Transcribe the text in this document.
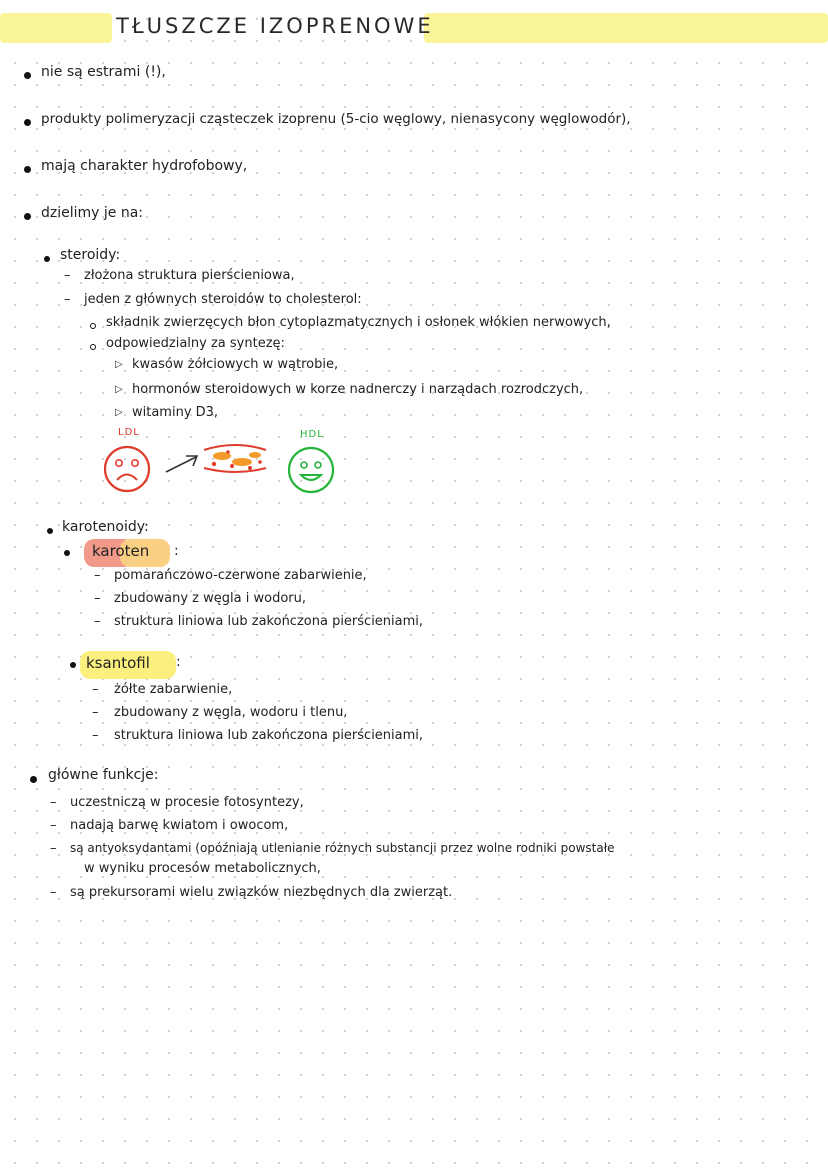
TŁUSZCZE IZOPRENOWE
nie są estrami (!),
produkty polimeryzacji cząsteczek izoprenu (5-cio węglowy, nienasycony węglowodór),
mają charakter hydrofobowy,
dzielimy je na:
steroidy:
– złożona struktura pierścieniowa,
– jeden z głównych steroidów to cholesterol:
składnik zwierzęcych błon cytoplazmatycznych i osłonek włókien nerwowych,
odpowiedzialny za syntezę:
▷ kwasów żółciowych w wątrobie,
▷ hormonów steroidowych w korze nadnerczy i narządach rozrodczych,
▷ witaminy D3,
LDL	HDL
karotenoidy:
karoten :
– pomarańczowo-czerwone zabarwienie,
– zbudowany z węgla i wodoru,
– struktura liniowa lub zakończona pierścieniami,
ksantofil :
– żółte zabarwienie,
– zbudowany z węgla, wodoru i tlenu,
– struktura liniowa lub zakończona pierścieniami,
główne funkcje:
– uczestniczą w procesie fotosyntezy,
– nadają barwę kwiatom i owocom,
– są antyoksydantami (opóźniają utlenianie różnych substancji przez wolne rodniki powstałe
w wyniku procesów metabolicznych,
– są prekursorami wielu związków niezbędnych dla zwierząt.
